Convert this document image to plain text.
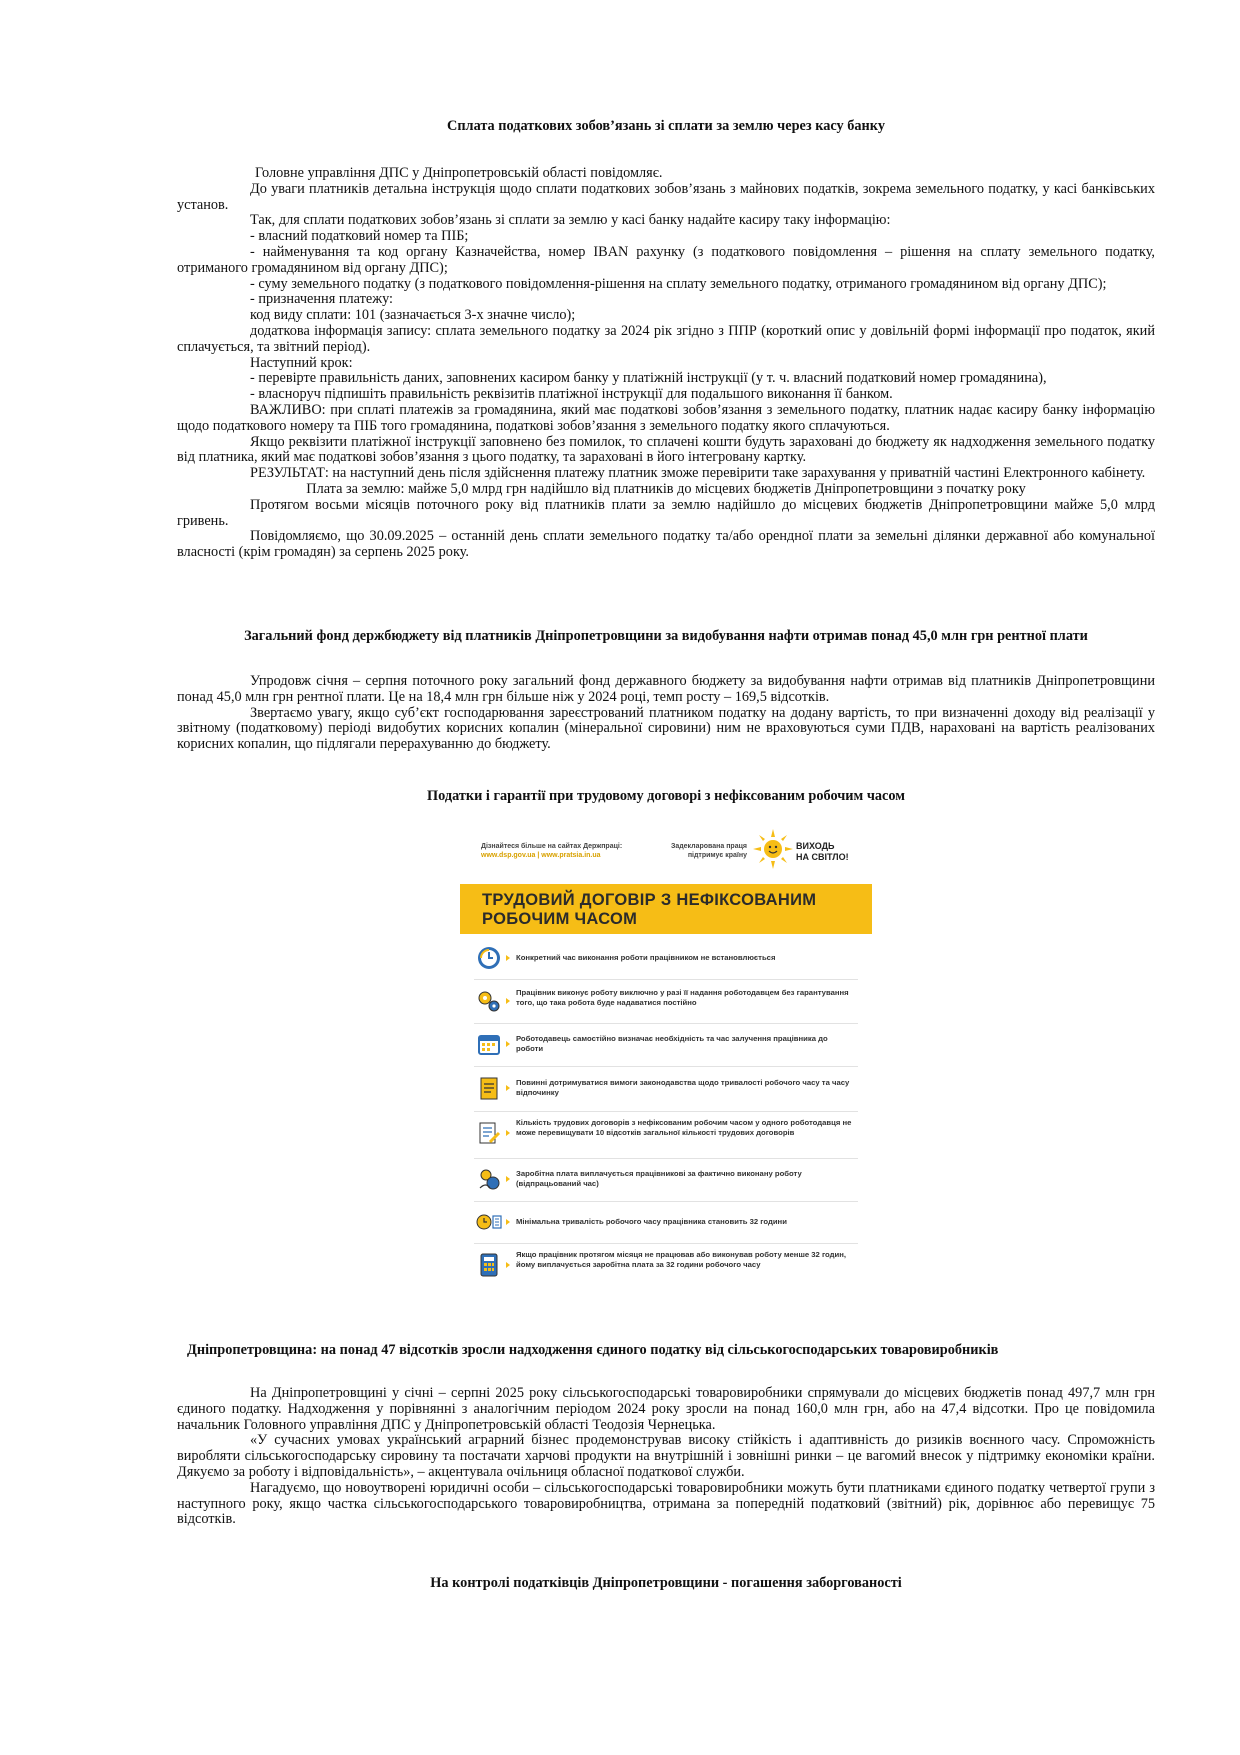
Сплата податкових зобов’язань зі сплати за землю через касу банку

Головне управління ДПС у Дніпропетровській області повідомляє.

До уваги платників детальна інструкція щодо сплати податкових зобов’язань з майнових податків, зокрема земельного податку, у касі банківських установ.

Так, для сплати податкових зобов’язань зі сплати за землю у касі банку надайте касиру таку інформацію:

- власний податковий номер та ПІБ;

- найменування та код органу Казначейства, номер IBAN рахунку (з податкового повідомлення – рішення на сплату земельного податку, отриманого громадянином від органу ДПС);

- суму земельного податку (з податкового повідомлення-рішення на сплату земельного податку, отриманого громадянином від органу ДПС);

- призначення платежу:

код виду сплати: 101 (зазначається 3-х значне число);

додаткова інформація запису: сплата земельного податку за 2024 рік згідно з ППР (короткий опис у довільній формі інформації про податок, який сплачується, та звітний період).

Наступний крок:

- перевірте правильність даних, заповнених касиром банку у платіжній інструкції (у т. ч. власний податковий номер громадянина),

- власноруч підпишіть правильність реквізитів платіжної інструкції для подальшого виконання її банком.

ВАЖЛИВО: при сплаті платежів за громадянина, який має податкові зобов’язання з земельного податку, платник надає касиру банку інформацію щодо податкового номеру та ПІБ того громадянина, податкові зобов’язання з земельного податку якого сплачуються.

Якщо реквізити платіжної інструкції заповнено без помилок, то сплачені кошти будуть зараховані до бюджету як надходження земельного податку від платника, який має податкові зобов’язання з цього податку, та зараховані в його інтегровану картку.

РЕЗУЛЬТАТ: на наступний день після здійснення платежу платник зможе перевірити таке зарахування у приватній частині Електронного кабінету.

Плата за землю: майже 5,0 млрд грн надійшло від платників до місцевих бюджетів Дніпропетровщини з початку року

Протягом восьми місяців поточного року від платників плати за землю надійшло до місцевих бюджетів Дніпропетровщини майже 5,0 млрд гривень.

Повідомляємо, що 30.09.2025 – останній день сплати земельного податку та/або орендної плати за земельні ділянки державної або комунальної власності (крім громадян) за серпень 2025 року.

Загальний фонд держбюджету від платників Дніпропетровщини за видобування нафти отримав понад 45,0 млн грн рентної плати

Упродовж січня – серпня поточного року загальний фонд державного бюджету за видобування нафти отримав від платників Дніпропетровщини понад 45,0 млн грн рентної плати. Це на 18,4 млн грн більше ніж у 2024 році, темп росту – 169,5 відсотків.

Звертаємо увагу, якщо суб’єкт господарювання зареєстрований платником податку на додану вартість, то при визначенні доходу від реалізації у звітному (податковому) періоді видобутих корисних копалин (мінеральної сировини) ним не враховуються суми ПДВ, нараховані на вартість реалізованих корисних копалин, що підлягали перерахуванню до бюджету.

Податки і гарантії при трудовому договорі з нефіксованим робочим часом
Дізнайтеся більше на сайтах Держпраці:
www.dsp.gov.ua | www.pratsia.in.ua
Задекларована праця
підтримує країну
ВИХОДЬ
НА СВІТЛО!
ТРУДОВИЙ ДОГОВІР З НЕФІКСОВАНИМ
РОБОЧИМ ЧАСОМ
Конкретний час виконання роботи працівником не встановлюється
Працівник виконує роботу виключно у разі її надання роботодавцем без гарантування того, що така робота буде надаватися постійно
Роботодавець самостійно визначає необхідність та час залучення працівника до роботи
Повинні дотримуватися вимоги законодавства щодо тривалості робочого часу та часу відпочинку
Кількість трудових договорів з нефіксованим робочим часом у одного роботодавця не може перевищувати 10 відсотків загальної кількості трудових договорів
Заробітна плата виплачується працівникові за фактично виконану роботу (відпрацьований час)
Мінімальна тривалість робочого часу працівника становить 32 години
Якщо працівник протягом місяця не працював або виконував роботу менше 32 годин, йому виплачується заробітна плата за 32 години робочого часу
Дніпропетровщина: на понад 47 відсотків зросли надходження єдиного податку від сільськогосподарських товаровиробників

На Дніпропетровщині у січні – серпні 2025 року сільськогосподарські товаровиробники спрямували до місцевих бюджетів понад 497,7 млн грн єдиного податку. Надходження у порівнянні з аналогічним періодом 2024 року зросли на понад 160,0 млн грн, або на 47,4 відсотки. Про це повідомила начальник Головного управління ДПС у Дніпропетровській області Теодозія Чернецька.

«У сучасних умовах український аграрний бізнес продемонстрував високу стійкість і адаптивність до ризиків воєнного часу. Спроможність виробляти сільськогосподарську сировину та постачати харчові продукти на внутрішній і зовнішні ринки – це вагомий внесок у підтримку економіки країни. Дякуємо за роботу і відповідальність», – акцентувала очільниця обласної податкової служби.

Нагадуємо, що новоутворені юридичні особи – сільськогосподарські товаровиробники можуть бути платниками єдиного податку четвертої групи з наступного року, якщо частка сільськогосподарського товаровиробництва, отримана за попередній податковий (звітний) рік, дорівнює або перевищує 75 відсотків.

На контролі податківців Дніпропетровщини - погашення заборгованості
